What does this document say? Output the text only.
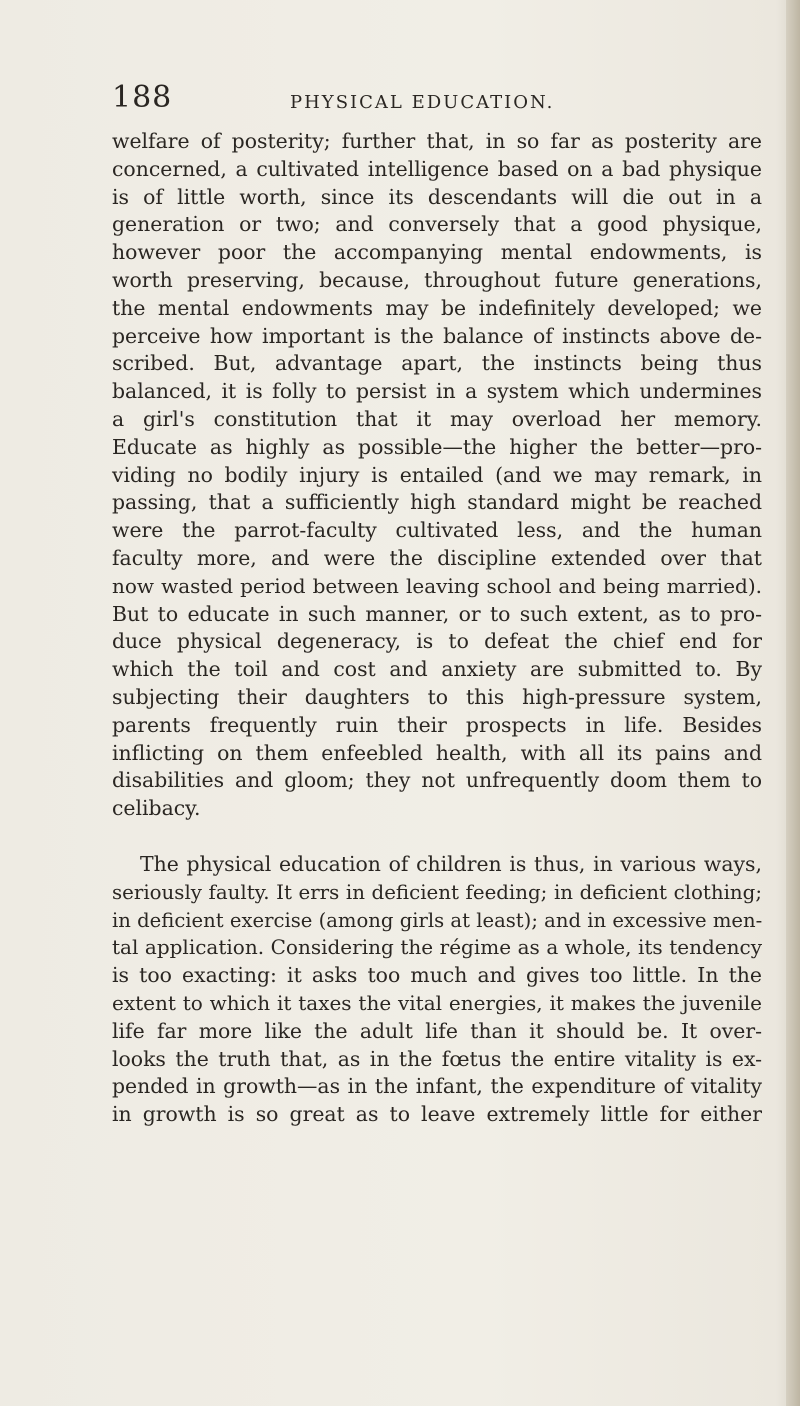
188	PHYSICAL EDUCATION.

welfare of posterity; further that, in so far as posterity are
concerned, a cultivated intelligence based on a bad physique
is of little worth, since its descendants will die out in a
generation or two; and conversely that a good physique,
however poor the accompanying mental endowments, is
worth preserving, because, throughout future generations,
the mental endowments may be indefinitely developed; we
perceive how important is the balance of instincts above de-
scribed. But, advantage apart, the instincts being thus
balanced, it is folly to persist in a system which undermines
a girl's constitution that it may overload her memory.
Educate as highly as possible—the higher the better—pro-
viding no bodily injury is entailed (and we may remark, in
passing, that a sufficiently high standard might be reached
were the parrot-faculty cultivated less, and the human
faculty more, and were the discipline extended over that
now wasted period between leaving school and being married).
But to educate in such manner, or to such extent, as to pro-
duce physical degeneracy, is to defeat the chief end for
which the toil and cost and anxiety are submitted to. By
subjecting their daughters to this high-pressure system,
parents frequently ruin their prospects in life. Besides
inflicting on them enfeebled health, with all its pains and
disabilities and gloom; they not unfrequently doom them to
celibacy.

The physical education of children is thus, in various ways,
seriously faulty. It errs in deficient feeding; in deficient clothing;
in deficient exercise (among girls at least); and in excessive men-
tal application. Considering the régime as a whole, its tendency
is too exacting: it asks too much and gives too little. In the
extent to which it taxes the vital energies, it makes the juvenile
life far more like the adult life than it should be. It over-
looks the truth that, as in the fœtus the entire vitality is ex-
pended in growth—as in the infant, the expenditure of vitality
in growth is so great as to leave extremely little for either
